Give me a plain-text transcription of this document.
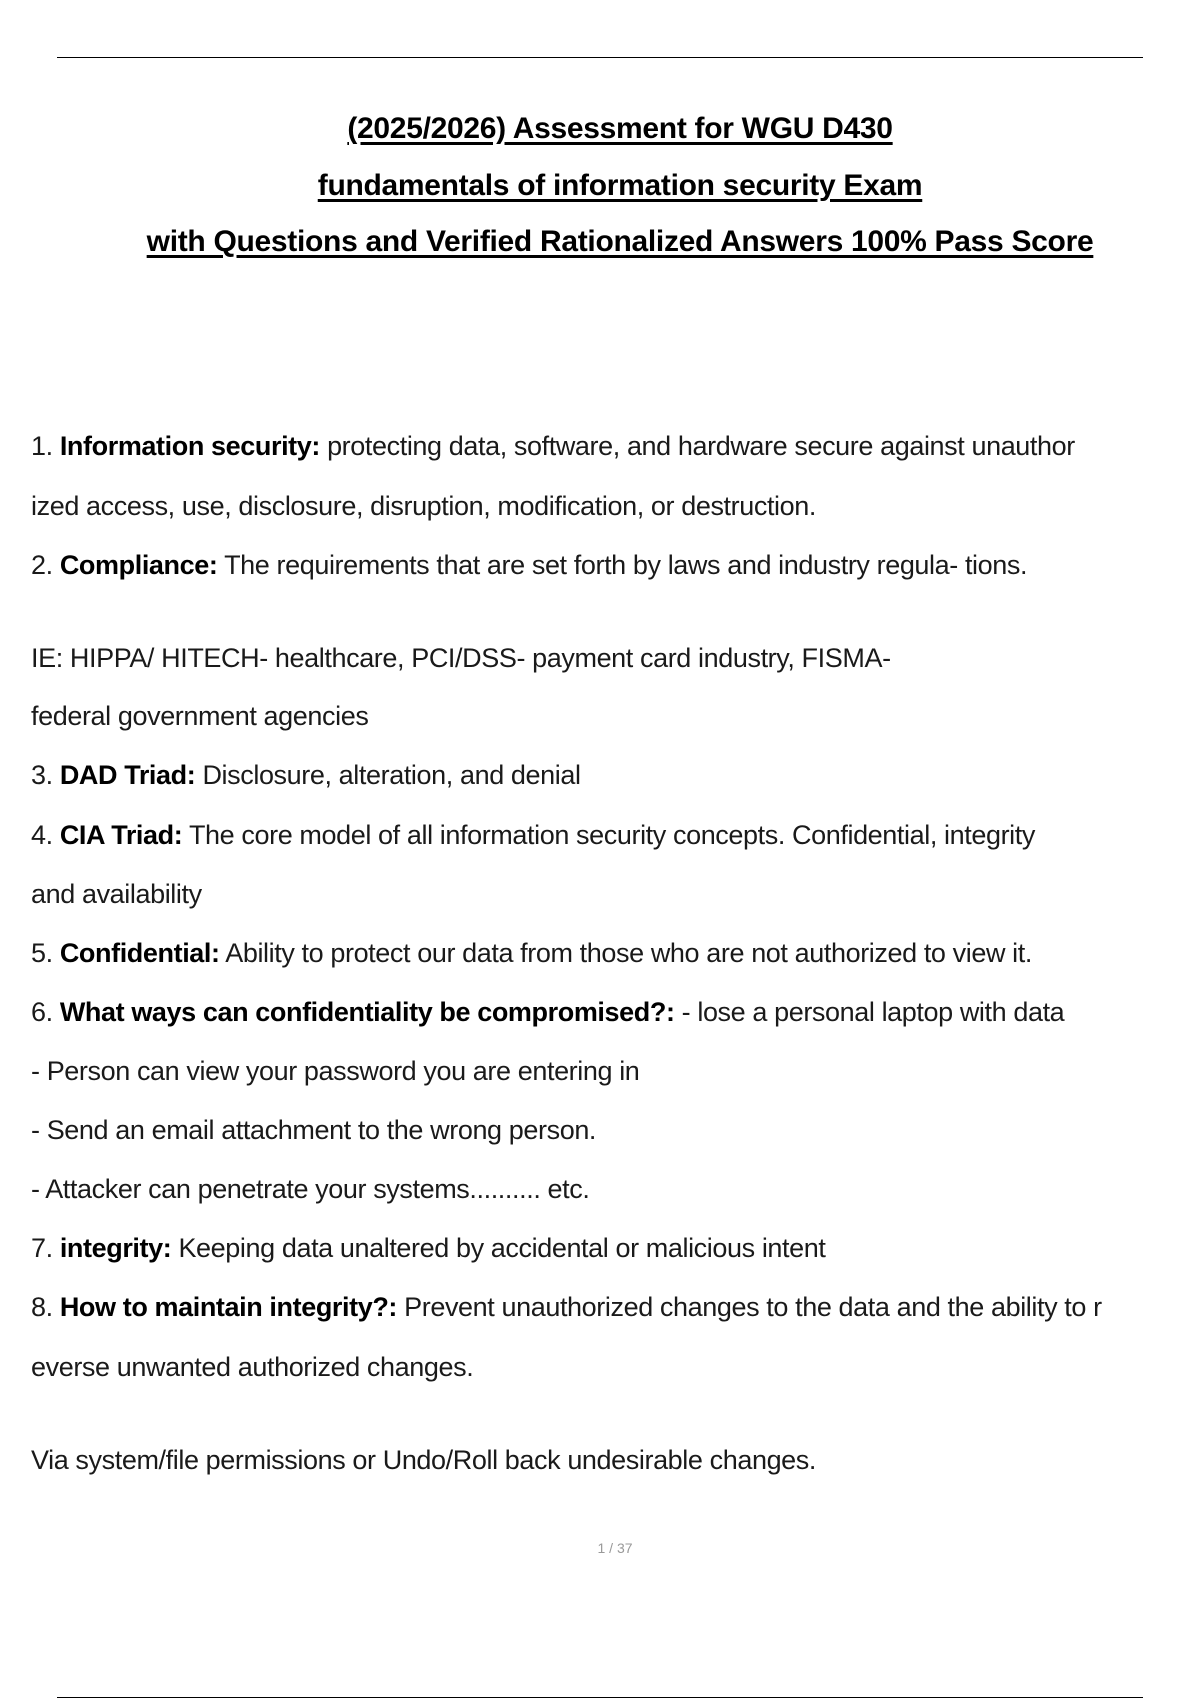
(2025/2026) Assessment for WGU D430
fundamentals of information security Exam
with Questions and Verified Rationalized Answers 100% Pass Score
1. Information security: protecting data, software, and hardware secure against unauthor
ized access, use, disclosure, disruption, modification, or destruction.
2. Compliance: The requirements that are set forth by laws and industry regula- tions.
IE: HIPPA/ HITECH- healthcare, PCI/DSS- payment card industry, FISMA-
federal government agencies
3. DAD Triad: Disclosure, alteration, and denial
4. CIA Triad: The core model of all information security concepts. Confidential, integrity
and availability
5. Confidential: Ability to protect our data from those who are not authorized to view it.
6. What ways can confidentiality be compromised?: - lose a personal laptop with data
- Person can view your password you are entering in
- Send an email attachment to the wrong person.
- Attacker can penetrate your systems.......... etc.
7. integrity: Keeping data unaltered by accidental or malicious intent
8. How to maintain integrity?: Prevent unauthorized changes to the data and the ability to r
everse unwanted authorized changes.
Via system/file permissions or Undo/Roll back undesirable changes.
1 / 37
